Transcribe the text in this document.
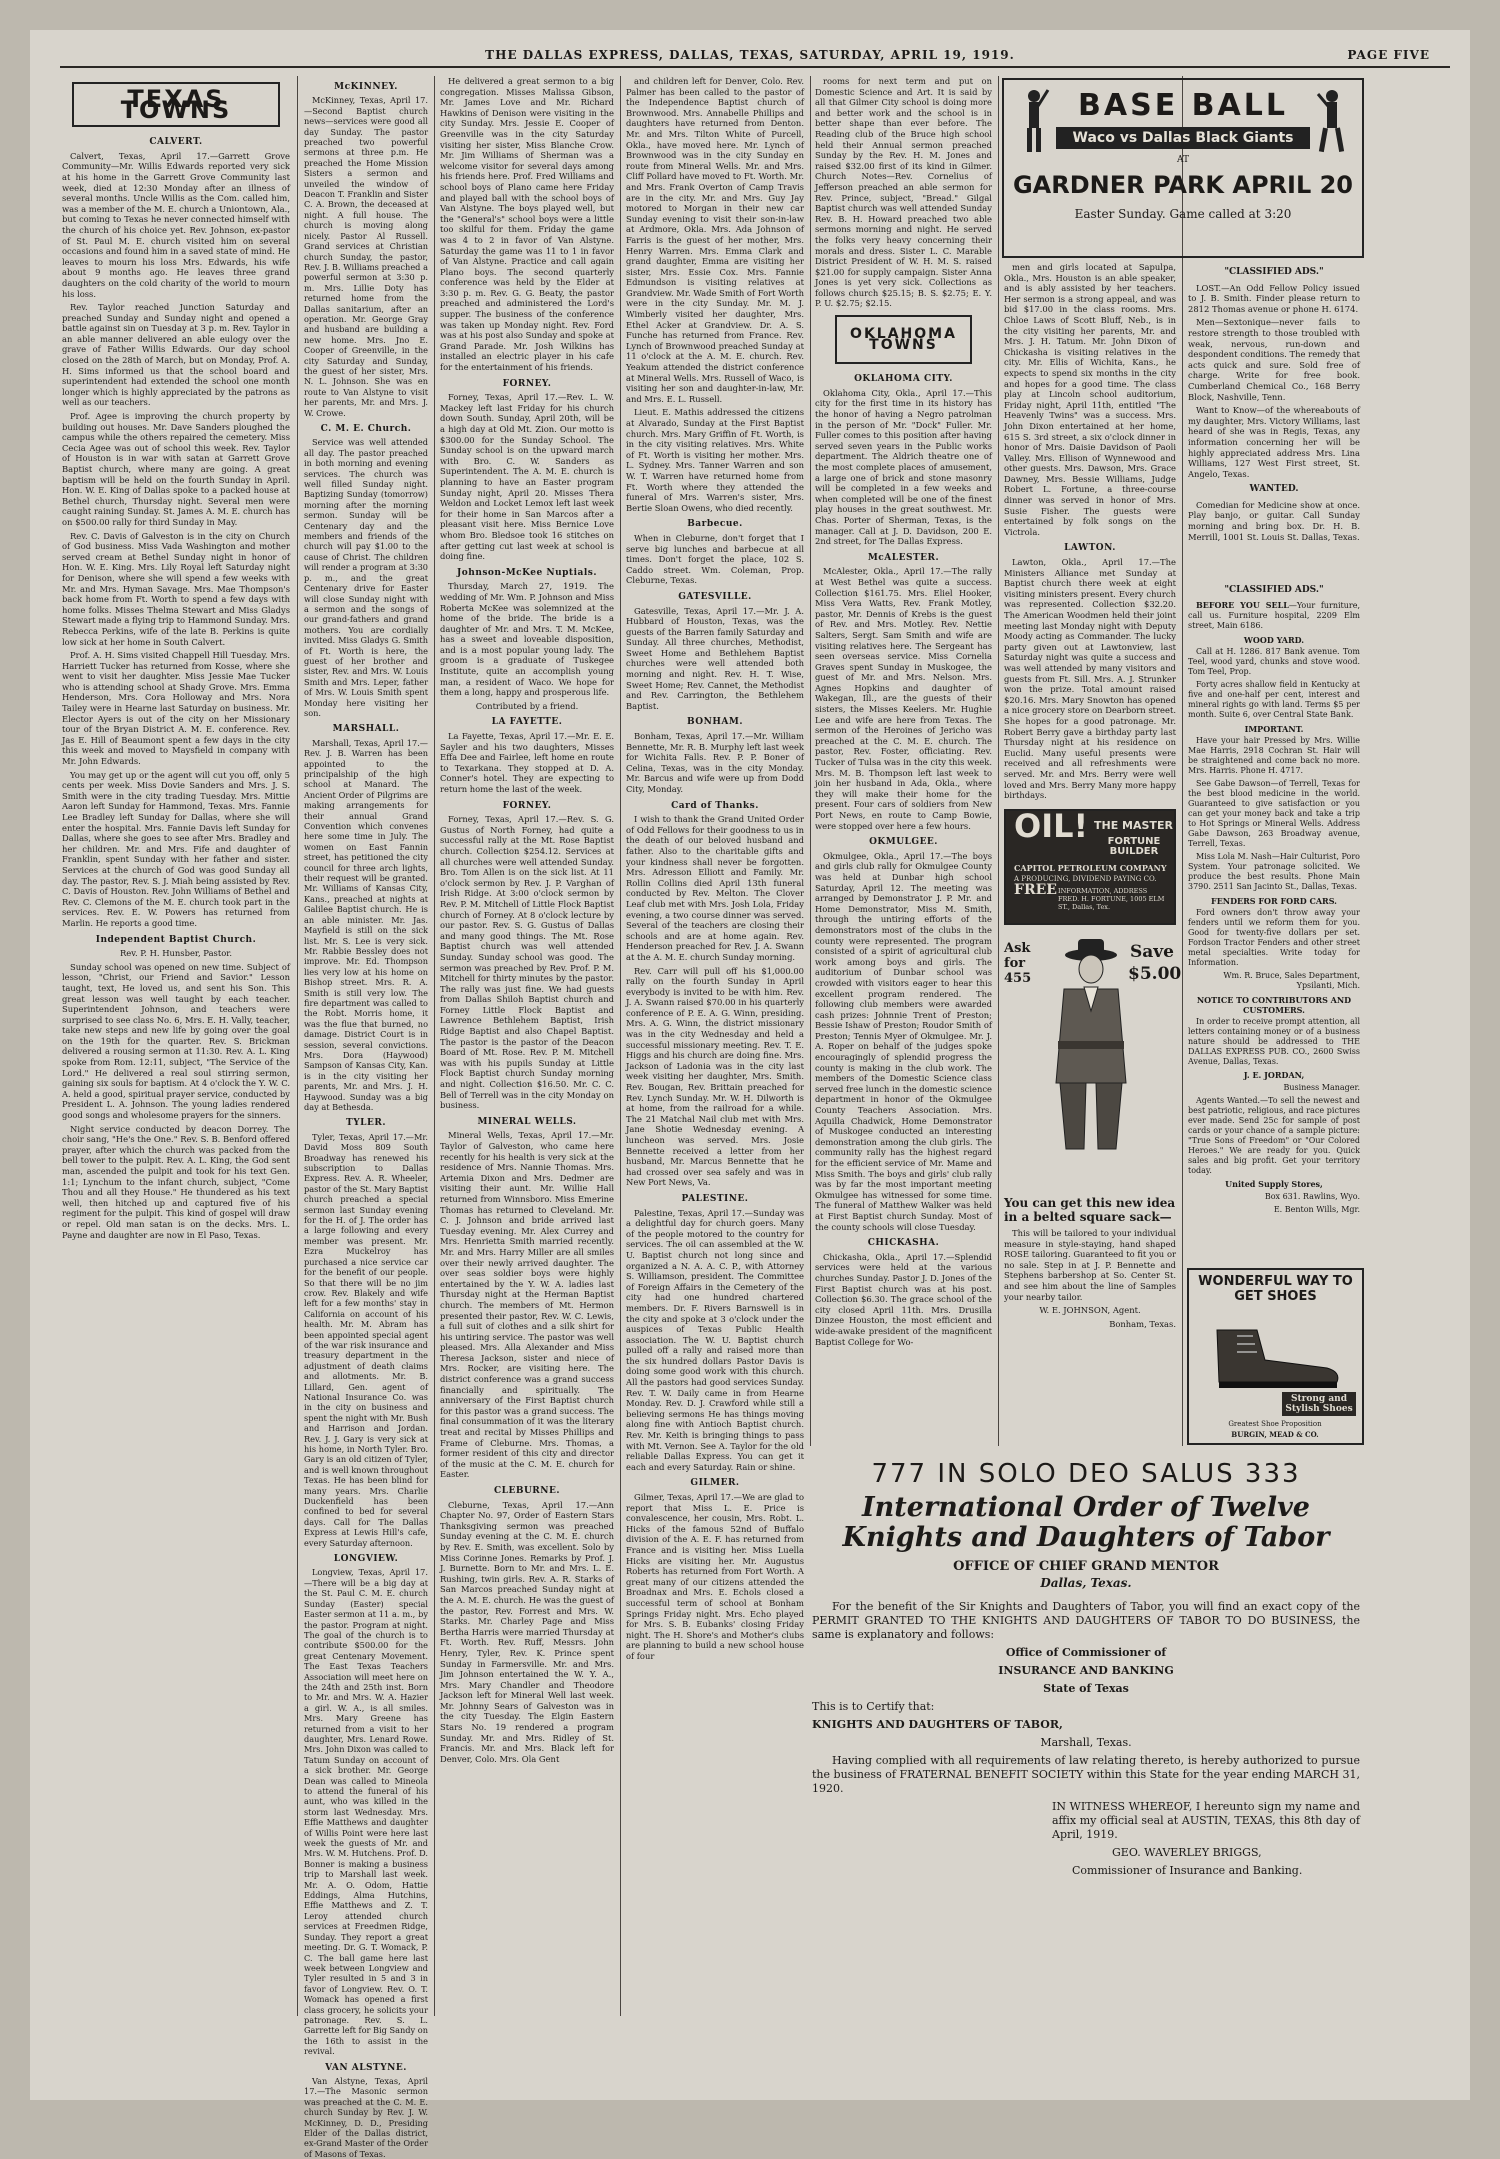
THE DALLAS EXPRESS, DALLAS, TEXAS, SATURDAY, APRIL 19, 1919.	PAGE FIVE
TEXAS TOWNS
CALVERT.

Calvert, Texas, April 17.—Garrett Grove Community—Mr. Willis Edwards reported very sick at his home in the Garrett Grove Community last week, died at 12:30 Monday after an illness of several months. Uncle Willis as the Com. called him, was a member of the M. E. church a Uniontown, Ala., but coming to Texas he never connected himself with the church of his choice yet. Rev. Johnson, ex-pastor of St. Paul M. E. church visited him on several occasions and found him in a saved state of mind. He leaves to mourn his loss Mrs. Edwards, his wife about 9 months ago. He leaves three grand daughters on the cold charity of the world to mourn his loss.

Rev. Taylor reached Junction Saturday and preached Sunday and Sunday night and opened a battle against sin on Tuesday at 3 p. m. Rev. Taylor in an able manner delivered an able eulogy over the grave of Father Willis Edwards. Our day school closed on the 28th of March, but on Monday, Prof. A. H. Sims informed us that the school board and superintendent had extended the school one month longer which is highly appreciated by the patrons as well as our teachers.

Prof. Agee is improving the church property by building out houses. Mr. Dave Sanders ploughed the campus while the others repaired the cemetery. Miss Cecia Agee was out of school this week. Rev. Taylor of Houston is in war with satan at Garrett Grove Baptist church, where many are going. A great baptism will be held on the fourth Sunday in April. Hon. W. E. King of Dallas spoke to a packed house at Bethel church, Thursday night. Several men were caught raining Sunday. St. James A. M. E. church has on $500.00 rally for third Sunday in May.

Rev. C. Davis of Galveston is in the city on Church of God business. Miss Vada Washington and mother served cream at Bethel Sunday night in honor of Hon. W. E. King. Mrs. Lily Royal left Saturday night for Denison, where she will spend a few weeks with Mr. and Mrs. Hyman Savage. Mrs. Mae Thompson's back home from Ft. Worth to spend a few days with home folks. Misses Thelma Stewart and Miss Gladys Stewart made a flying trip to Hammond Sunday. Mrs. Rebecca Perkins, wife of the late B. Perkins is quite low sick at her home in South Calvert.

Prof. A. H. Sims visited Chappell Hill Tuesday. Mrs. Harriett Tucker has returned from Kosse, where she went to visit her daughter. Miss Jessie Mae Tucker who is attending school at Shady Grove. Mrs. Emma Henderson, Mrs. Cora Holloway and Mrs. Nora Tailey were in Hearne last Saturday on business. Mr. Elector Ayers is out of the city on her Missionary tour of the Bryan District A. M. E. conference. Rev. Jas E. Hill of Beaumont spent a few days in the city this week and moved to Maysfield in company with Mr. John Edwards.

You may get up or the agent will cut you off, only 5 cents per week. Miss Dovie Sanders and Mrs. J. S. Smith were in the city trading Tuesday. Mrs. Mittie Aaron left Sunday for Hammond, Texas. Mrs. Fannie Lee Bradley left Sunday for Dallas, where she will enter the hospital. Mrs. Fannie Davis left Sunday for Dallas, where she goes to see after Mrs. Bradley and her children. Mr. and Mrs. Fife and daughter of Franklin, spent Sunday with her father and sister. Services at the church of God was good Sunday all day. The pastor, Rev. S. J. Miah being assisted by Rev. C. Davis of Houston. Rev. John Williams of Bethel and Rev. C. Clemons of the M. E. church took part in the services. Rev. E. W. Powers has returned from Marlin. He reports a good time.

Independent Baptist Church.

Rev. P. H. Hunsber, Pastor.

Sunday school was opened on new time. Subject of lesson, "Christ, our Friend and Savior." Lesson taught, text, He loved us, and sent his Son. This great lesson was well taught by each teacher. Superintendent Johnson, and teachers were surprised to see class No. 6, Mrs. E. H. Vally, teacher, take new steps and new life by going over the goal on the 19th for the quarter. Rev. S. Brickman delivered a rousing sermon at 11:30. Rev. A. L. King spoke from Rom. 12:11, subject, "The Service of the Lord." He delivered a real soul stirring sermon, gaining six souls for baptism. At 4 o'clock the Y. W. C. A. held a good, spiritual prayer service, conducted by President L. A. Johnson. The young ladies rendered good songs and wholesome prayers for the sinners.

Night service conducted by deacon Dorrey. The choir sang, "He's the One." Rev. S. B. Benford offered prayer, after which the church was packed from the bell tower to the pulpit. Rev. A. L. King, the God sent man, ascended the pulpit and took for his text Gen. 1:1; Lynchum to the infant church, subject, "Come Thou and all they House." He thundered as his text well, then hitched up and captured five of his regiment for the pulpit. This kind of gospel will draw or repel. Old man satan is on the decks. Mrs. L. Payne and daughter are now in El Paso, Texas.

McKINNEY.

McKinney, Texas, April 17.—Second Baptist church news—services were good all day Sunday. The pastor preached two powerful sermons at three p.m. He preached the Home Mission Sisters a sermon and unveiled the window of Deacon T. Franklin and Sister C. A. Brown, the deceased at night. A full house. The church is moving along nicely. Pastor Al Russell. Grand services at Christian church Sunday, the pastor, Rev. J. B. Williams preached a powerful sermon at 3:30 p. m. Mrs. Lillie Doty has returned home from the Dallas sanitarium, after an operation. Mr. George Gray and husband are building a new home. Mrs. Jno E. Cooper of Greenville, in the city Saturday and Sunday, the guest of her sister, Mrs. N. L. Johnson. She was en route to Van Alstyne to visit her parents, Mr. and Mrs. J. W. Crowe.

C. M. E. Church.

Service was well attended all day. The pastor preached in both morning and evening services. The church was well filled Sunday night. Baptizing Sunday (tomorrow) morning after the morning sermon. Sunday will be Centenary day and the members and friends of the church will pay $1.00 to the cause of Christ. The children will render a program at 3:30 p. m., and the great Centenary drive for Easter will close Sunday night with a sermon and the songs of our grand-fathers and grand mothers. You are cordially invited. Miss Gladys G. Smith of Ft. Worth is here, the guest of her brother and sister, Rev. and Mrs. W. Louis Smith and Mrs. Leper, father of Mrs. W. Louis Smith spent Monday here visiting her son.

MARSHALL.

Marshall, Texas, April 17.—Rev. J. B. Warren has been appointed to the principalship of the high school at Manard. The Ancient Order of Pilgrims are making arrangements for their annual Grand Convention which convenes here some time in July. The women on East Fannin street, has petitioned the city council for three arch lights, their request will be granted. Mr. Williams of Kansas City, Kans., preached at nights at Galilee Baptist church. He is an able minister. Mr. Jas. Mayfield is still on the sick list. Mr. S. Lee is very sick. Mr. Rabbie Bessley does not improve. Mr. Ed. Thompson lies very low at his home on Bishop street. Mrs. R. A. Smith is still very low. The fire department was called to the Robt. Morris home, it was the flue that burned, no damage. District Court is in session, several convictions. Mrs. Dora (Haywood) Sampson of Kansas City, Kan. is in the city visiting her parents, Mr. and Mrs. J. H. Haywood. Sunday was a big day at Bethesda.

TYLER.

Tyler, Texas, April 17.—Mr. David Moss 809 South Broadway has renewed his subscription to Dallas Express. Rev. A. R. Wheeler, pastor of the St. Mary Baptist church preached a special sermon last Sunday evening for the H. of J. The order has a large following and every member was present. Mr. Ezra Muckelroy has purchased a nice service car for the benefit of our people. So that there will be no jim crow. Rev. Blakely and wife left for a few months' stay in California on account of his health. Mr. M. Abram has been appointed special agent of the war risk insurance and treasury department in the adjustment of death claims and allotments. Mr. B. Lillard, Gen. agent of National Insurance Co. was in the city on business and spent the night with Mr. Bush and Harrison and Jordan. Rev. J. J. Gary is very sick at his home, in North Tyler. Bro. Gary is an old citizen of Tyler, and is well known throughout Texas. He has been blind for many years. Mrs. Charlie Duckenfield has been confined to bed for several days. Call for The Dallas Express at Lewis Hill's cafe, every Saturday afternoon.

LONGVIEW.

Longview, Texas, April 17.—There will be a big day at the St. Paul C. M. E. church Sunday (Easter) special Easter sermon at 11 a. m., by the pastor. Program at night. The goal of the church is to contribute $500.00 for the great Centenary Movement. The East Texas Teachers Association will meet here on the 24th and 25th inst. Born to Mr. and Mrs. W. A. Hazier a girl. W. A., is all smiles. Mrs. Mary Greene has returned from a visit to her daughter, Mrs. Lenard Rowe. Mrs. John Dixon was called to Tatum Sunday on account of a sick brother. Mr. George Dean was called to Mineola to attend the funeral of his aunt, who was killed in the storm last Wednesday. Mrs. Effie Matthews and daughter of Willis Point were here last week the guests of Mr. and Mrs. W. M. Hutchens. Prof. D. Bonner is making a business trip to Marshall last week. Mr. A. O. Odom, Hattie Eddings, Alma Hutchins, Effie Matthews and Z. T. Leroy attended church services at Freedmen Ridge, Sunday. They report a great meeting. Dr. G. T. Womack, P. C. The ball game here last week between Longview and Tyler resulted in 5 and 3 in favor of Longview. Rev. O. T. Womack has opened a first class grocery, he solicits your patronage. Rev. S. L. Garrette left for Big Sandy on the 16th to assist in the revival.

VAN ALSTYNE.

Van Alstyne, Texas, April 17.—The Masonic sermon was preached at the C. M. E. church Sunday by Rev. J. W. McKinney, D. D., Presiding Elder of the Dallas district, ex-Grand Master of the Order of Masons of Texas.

He delivered a great sermon to a big congregation. Misses Malissa Gibson, Mr. James Love and Mr. Richard Hawkins of Denison were visiting in the city Sunday. Mrs. Jessie E. Cooper of Greenville was in the city Saturday visiting her sister, Miss Blanche Crow. Mr. Jim Williams of Sherman was a welcome visitor for several days among his friends here. Prof. Fred Williams and school boys of Plano came here Friday and played ball with the school boys of Van Alstyne. The boys played well, but the "General's" school boys were a little too skilful for them. Friday the game was 4 to 2 in favor of Van Alstyne. Saturday the game was 11 to 1 in favor of Van Alstyne. Practice and call again Plano boys. The second quarterly conference was held by the Elder at 3:30 p. m. Rev. G. G. Beaty, the pastor preached and administered the Lord's supper. The business of the conference was taken up Monday night. Rev. Ford was at his post also Sunday and spoke at Grand Parade. Mr. Josh Wilkins has installed an electric player in his cafe for the entertainment of his friends.

FORNEY.

Forney, Texas, April 17.—Rev. L. W. Mackey left last Friday for his church down South. Sunday, April 20th, will be a high day at Old Mt. Zion. Our motto is $300.00 for the Sunday School. The Sunday school is on the upward march with Bro. C. W. Sanders as Superintendent. The A. M. E. church is planning to have an Easter program Sunday night, April 20. Misses Thera Weldon and Locket Lemox left last week for their home in San Marcos after a pleasant visit here. Miss Bernice Love whom Bro. Bledsoe took 16 stitches on after getting cut last week at school is doing fine.

Johnson-McKee Nuptials.

Thursday, March 27, 1919. The wedding of Mr. Wm. P. Johnson and Miss Roberta McKee was solemnized at the home of the bride. The bride is a daughter of Mr. and Mrs. T. M. McKee, has a sweet and loveable disposition, and is a most popular young lady. The groom is a graduate of Tuskegee Institute, quite an accomplish young man, a resident of Waco. We hope for them a long, happy and prosperous life.

Contributed by a friend.

LA FAYETTE.

La Fayette, Texas, April 17.—Mr. E. E. Sayler and his two daughters, Misses Effa Dee and Fairlee, left home en route to Texarkana. They stopped at D. A. Conner's hotel. They are expecting to return home the last of the week.

FORNEY.

Forney, Texas, April 17.—Rev. S. G. Gustus of North Forney, had quite a successful rally at the Mt. Rose Baptist church. Collection $254.12. Services at all churches were well attended Sunday. Bro. Tom Allen is on the sick list. At 11 o'clock sermon by Rev. J. P. Varghan of Irish Ridge. At 3:00 o'clock sermon by Rev. P. M. Mitchell of Little Flock Baptist church of Forney. At 8 o'clock lecture by our pastor. Rev. S. G. Gustus of Dallas and many good things. The Mt. Rose Baptist church was well attended Sunday. Sunday school was good. The sermon was preached by Rev. Prof. P. M. Mitchell for thirty minutes by the pastor. The rally was just fine. We had guests from Dallas Shiloh Baptist church and Forney Little Flock Baptist and Lawrence Bethlehem Baptist, Irish Ridge Baptist and also Chapel Baptist. The pastor is the pastor of the Deacon Board of Mt. Rose. Rev. P. M. Mitchell was with his pupils Sunday at Little Flock Baptist church Sunday morning and night. Collection $16.50. Mr. C. C. Bell of Terrell was in the city Monday on business.

MINERAL WELLS.

Mineral Wells, Texas, April 17.—Mr. Taylor of Galveston, who came here recently for his health is very sick at the residence of Mrs. Nannie Thomas. Mrs. Artemia Dixon and Mrs. Dedmer are visiting their aunt. Mr. Willie Hall returned from Winnsboro. Miss Emerine Thomas has returned to Cleveland. Mr. C. J. Johnson and bride arrived last Tuesday evening. Mr. Alex Currey and Mrs. Henrietta Smith married recently. Mr. and Mrs. Harry Miller are all smiles over their newly arrived daughter. The over seas soldier boys were highly entertained by the Y. W. A. ladies last Thursday night at the Herman Baptist church. The members of Mt. Hermon presented their pastor, Rev. W. C. Lewis, a full suit of clothes and a silk shirt for his untiring service. The pastor was well pleased. Mrs. Alla Alexander and Miss Theresa Jackson, sister and niece of Mrs. Rocker, are visiting here. The district conference was a grand success financially and spiritually. The anniversary of the First Baptist church for this pastor was a grand success. The final consummation of it was the literary treat and recital by Misses Phillips and Frame of Cleburne. Mrs. Thomas, a former resident of this city and director of the music at the C. M. E. church for Easter.

CLEBURNE.

Cleburne, Texas, April 17.—Ann Chapter No. 97, Order of Eastern Stars Thanksgiving sermon was preached Sunday evening at the C. M. E. church by Rev. E. Smith, was excellent. Solo by Miss Corinne Jones. Remarks by Prof. J. J. Burnette. Born to Mr. and Mrs. L. E. Rushing, twin girls. Rev. A. R. Starks of San Marcos preached Sunday night at the A. M. E. church. He was the guest of the pastor, Rev. Forrest and Mrs. W. Starks. Mr. Charley Page and Miss Bertha Harris were married Thursday at Ft. Worth. Rev. Ruff, Messrs. John Henry, Tyler, Rev. K. Prince spent Sunday in Farmersville. Mr. and Mrs. Jim Johnson entertained the W. Y. A., Mrs. Mary Chandler and Theodore Jackson left for Mineral Well last week. Mr. Johnny Sears of Galveston was in the city Tuesday. The Elgin Eastern Stars No. 19 rendered a program Sunday. Mr. and Mrs. Ridley of St. Francis. Mr. and Mrs. Black left for Denver, Colo. Mrs. Ola Gent

and children left for Denver, Colo. Rev. Palmer has been called to the pastor of the Independence Baptist church of Brownwood. Mrs. Annabelle Phillips and daughters have returned from Denton. Mr. and Mrs. Tilton White of Purcell, Okla., have moved here. Mr. Lynch of Brownwood was in the city Sunday en route from Mineral Wells. Mr. and Mrs. Cliff Pollard have moved to Ft. Worth. Mr. and Mrs. Frank Overton of Camp Travis are in the city. Mr. and Mrs. Guy Jay motored to Morgan in their new car Sunday evening to visit their son-in-law at Ardmore, Okla. Mrs. Ada Johnson of Farris is the guest of her mother, Mrs. Henry Warren. Mrs. Emma Clark and grand daughter, Emma are visiting her sister, Mrs. Essie Cox. Mrs. Fannie Edmundson is visiting relatives at Grandview. Mr. Wade Smith of Fort Worth were in the city Sunday. Mr. M. J. Wimberly visited her daughter, Mrs. Ethel Acker at Grandview. Dr. A. S. Funche has returned from France. Rev. Lynch of Brownwood preached Sunday at 11 o'clock at the A. M. E. church. Rev. Yeakum attended the district conference at Mineral Wells. Mrs. Russell of Waco, is visiting her son and daughter-in-law, Mr. and Mrs. E. L. Russell.

Lieut. E. Mathis addressed the citizens at Alvarado, Sunday at the First Baptist church. Mrs. Mary Griffin of Ft. Worth, is in the city visiting relatives. Mrs. White of Ft. Worth is visiting her mother. Mrs. L. Sydney. Mrs. Tanner Warren and son W. T. Warren have returned home from Ft. Worth where they attended the funeral of Mrs. Warren's sister, Mrs. Bertie Sloan Owens, who died recently.

Barbecue.

When in Cleburne, don't forget that I serve big lunches and barbecue at all times. Don't forget the place, 102 S. Caddo street. Wm. Coleman, Prop. Cleburne, Texas.

GATESVILLE.

Gatesville, Texas, April 17.—Mr. J. A. Hubbard of Houston, Texas, was the guests of the Barren family Saturday and Sunday. All three churches, Methodist, Sweet Home and Bethlehem Baptist churches were well attended both morning and night. Rev. H. T. Wise, Sweet Home; Rev. Cannet, the Methodist and Rev. Carrington, the Bethlehem Baptist.

BONHAM.

Bonham, Texas, April 17.—Mr. William Bennette, Mr. R. B. Murphy left last week for Wichita Falls. Rev. P. P. Boner of Celina, Texas, was in the city Monday. Mr. Barcus and wife were up from Dodd City, Monday.

Card of Thanks.

I wish to thank the Grand United Order of Odd Fellows for their goodness to us in the death of our beloved husband and father. Also to the charitable gifts and your kindness shall never be forgotten. Mrs. Adresson Elliott and Family. Mr. Rollin Collins died April 13th funeral conducted by Rev. Melton. The Clover Leaf club met with Mrs. Josh Lola, Friday evening, a two course dinner was served. Several of the teachers are closing their schools and are at home again. Rev. Henderson preached for Rev. J. A. Swann at the A. M. E. church Sunday morning.

Rev. Carr will pull off his $1,000.00 rally on the fourth Sunday in April everybody is invited to be with him. Rev. J. A. Swann raised $70.00 in his quarterly conference of P. E. A. G. Winn, presiding. Mrs. A. G. Winn, the district missionary was in the city Wednesday and held a successful missionary meeting. Rev. T. E. Higgs and his church are doing fine. Mrs. Jackson of Ladonia was in the city last week visiting her daughter, Mrs. Smith. Rev. Bougan, Rev. Brittain preached for Rev. Lynch Sunday. Mr. W. H. Dilworth is at home, from the railroad for a while. The 21 Matchal Nail club met with Mrs. Jane Shotie Wednesday evening. A luncheon was served. Mrs. Josie Bennette received a letter from her husband, Mr. Marcus Bennette that he had crossed over sea safely and was in New Port News, Va.

PALESTINE.

Palestine, Texas, April 17.—Sunday was a delightful day for church goers. Many of the people motored to the country for services. The oil can assembled at the W. U. Baptist church not long since and organized a N. A. A. C. P., with Attorney S. Williamson, president. The Committee of Foreign Affairs in the Cemetery of the city had one hundred chartered members. Dr. F. Rivers Barnswell is in the city and spoke at 3 o'clock under the auspices of Texas Public Health association. The W. U. Baptist church pulled off a rally and raised more than the six hundred dollars Pastor Davis is doing some good work with this church. All the pastors had good services Sunday. Rev. T. W. Daily came in from Hearne Monday. Rev. D. J. Crawford while still a believing sermons He has things moving along fine with Antioch Baptist church. Rev. Mr. Keith is bringing things to pass with Mt. Vernon. See A. Taylor for the old reliable Dallas Express. You can get it each and every Saturday. Rain or shine.

GILMER.

Gilmer, Texas, April 17.—We are glad to report that Miss L. E. Price is convalescence, her cousin, Mrs. Robt. L. Hicks of the famous 52nd of Buffalo division of the A. E. F. has returned from France and is visiting her. Miss Luella Hicks are visiting her. Mr. Augustus Roberts has returned from Fort Worth. A great many of our citizens attended the Broadnax and Mrs. E. Echols closed a successful term of school at Bonham Springs Friday night. Mrs. Echo played for Mrs. S. B. Eubanks' closing Friday night. The H. Shore's and Mother's clubs are planning to build a new school house of four

rooms for next term and put on Domestic Science and Art. It is said by all that Gilmer City school is doing more and better work and the school is in better shape than ever before. The Reading club of the Bruce high school held their Annual sermon preached Sunday by the Rev. H. M. Jones and raised $32.00 first of its kind in Gilmer. Church Notes—Rev. Cornelius of Jefferson preached an able sermon for Rev. Prince, subject, "Bread." Gilgal Baptist church was well attended Sunday Rev. B. H. Howard preached two able sermons morning and night. He served the folks very heavy concerning their morals and dress. Sister L. C. Marable District President of W. H. M. S. raised $21.00 for supply campaign. Sister Anna Jones is yet very sick. Collections as follows church $25.15; B. S. $2.75; E. Y. P. U. $2.75; $2.15.

OKLAHOMA TOWNS
OKLAHOMA CITY.

Oklahoma City, Okla., April 17.—This city for the first time in its history has the honor of having a Negro patrolman in the person of Mr. "Dock" Fuller. Mr. Fuller comes to this position after having served seven years in the Public works department. The Aldrich theatre one of the most complete places of amusement, a large one of brick and stone masonry will be completed in a few weeks and when completed will be one of the finest play houses in the great southwest. Mr. Chas. Porter of Sherman, Texas, is the manager. Call at J. D. Davidson, 200 E. 2nd street, for The Dallas Express.

McALESTER.

McAlester, Okla., April 17.—The rally at West Bethel was quite a success. Collection $161.75. Mrs. Eliel Hooker, Miss Vera Watts, Rev. Frank Motley, pastor, Mr. Dennis of Krebs is the guest of Rev. and Mrs. Motley. Rev. Nettie Salters, Sergt. Sam Smith and wife are visiting relatives here. The Sergeant has seen overseas service. Miss Cornelia Graves spent Sunday in Muskogee, the guest of Mr. and Mrs. Nelson. Mrs. Agnes Hopkins and daughter of Wakegan, Ill., are the guests of their sisters, the Misses Keelers. Mr. Hughie Lee and wife are here from Texas. The sermon of the Heroines of Jericho was preached at the C. M. E. church. The pastor, Rev. Foster, officiating. Rev. Tucker of Tulsa was in the city this week. Mrs. M. B. Thompson left last week to join her husband in Ada, Okla., where they will make their home for the present. Four cars of soldiers from New Port News, en route to Camp Bowie, were stopped over here a few hours.

OKMULGEE.

Okmulgee, Okla., April 17.—The boys and girls club rally for Okmulgee County was held at Dunbar high school Saturday, April 12. The meeting was arranged by Demonstrator J. P. Mr. and Home Demonstrator, Miss M. Smith, through the untiring efforts of the demonstrators most of the clubs in the county were represented. The program consisted of a spirit of agricultural club work among boys and girls. The auditorium of Dunbar school was crowded with visitors eager to hear this excellent program rendered. The following club members were awarded cash prizes: Johnnie Trent of Preston; Bessie Ishaw of Preston; Roudor Smith of Preston; Tennis Myer of Okmulgee. Mr. J. A. Roper on behalf of the judges spoke encouragingly of splendid progress the county is making in the club work. The members of the Domestic Science class served free lunch in the domestic science department in honor of the Okmulgee County Teachers Association. Mrs. Aquilla Chadwick, Home Demonstrator of Muskogee conducted an interesting demonstration among the club girls. The community rally has the highest regard for the efficient service of Mr. Mame and Miss Smith. The boys and girls' club rally was by far the most important meeting Okmulgee has witnessed for some time. The funeral of Matthew Walker was held at First Baptist church Sunday. Most of the county schools will close Tuesday.

CHICKASHA.

Chickasha, Okla., April 17.—Splendid services were held at the various churches Sunday. Pastor J. D. Jones of the First Baptist church was at his post. Collection $6.30. The grace school of the city closed April 11th. Mrs. Drusilla Dinzee Houston, the most efficient and wide-awake president of the magnificent Baptist College for Wo-

BASE BALL
Waco vs Dallas Black Giants
AT
GARDNER PARK APRIL 20
Easter Sunday. Game called at 3:20

men and girls located at Sapulpa, Okla., Mrs. Houston is an able speaker, and is ably assisted by her teachers. Her sermon is a strong appeal, and was bid $17.00 in the class rooms. Mrs. Chloe Laws of Scott Bluff, Neb., is in the city visiting her parents, Mr. and Mrs. J. H. Tatum. Mr. John Dixon of Chickasha is visiting relatives in the city. Mr. Ellis of Wichita, Kans., he expects to spend six months in the city and hopes for a good time. The class play at Lincoln school auditorium, Friday night, April 11th, entitled "The Heavenly Twins" was a success. Mrs. John Dixon entertained at her home, 615 S. 3rd street, a six o'clock dinner in honor of Mrs. Daisie Davidson of Paoli Valley. Mrs. Ellison of Wynnewood and other guests. Mrs. Dawson, Mrs. Grace Dawney, Mrs. Bessie Williams, Judge Robert L. Fortune, a three-course dinner was served in honor of Mrs. Susie Fisher. The guests were entertained by folk songs on the Victrola.

LAWTON.

Lawton, Okla., April 17.—The Ministers Alliance met Sunday at Baptist church there week at eight visiting ministers present. Every church was represented. Collection $32.20. The American Woodmen held their joint meeting last Monday night with Deputy Moody acting as Commander. The lucky party given out at Lawtonview, last Saturday night was quite a success and was well attended by many visitors and guests from Ft. Sill. Mrs. A. J. Strunker won the prize. Total amount raised $20.16. Mrs. Mary Snowton has opened a nice grocery store on Dearborn street. She hopes for a good patronage. Mr. Robert Berry gave a birthday party last Thursday night at his residence on Euclid. Many useful presents were received and all refreshments were served. Mr. and Mrs. Berry were well loved and Mrs. Berry Many more happy birthdays.

OIL! THE MASTER
FORTUNE BUILDER
CAPITOL PETROLEUM COMPANY
A PRODUCING, DIVIDEND PAYING CO.
FREE INFORMATION, ADDRESS FRED. H. FORTUNE, 1005 ELM ST., Dallas, Tex.
Ask for 455
Save $5.00
You can get this new idea in a belted square sack—

This will be tailored to your individual measure in style-staying, hand shaped ROSE tailoring. Guaranteed to fit you or no sale. Step in at J. P. Bennette and Stephens barbershop at So. Center St. and see him about the line of Samples your nearby tailor.

W. E. JOHNSON, Agent.

Bonham, Texas.

WONDERFUL WAY TO GET SHOES
Strong and Stylish Shoes
Greatest Shoe Proposition
BURGIN, MEAD & CO.
"CLASSIFIED ADS."

LOST.—An Odd Fellow Policy issued to J. B. Smith. Finder please return to 2812 Thomas avenue or phone H. 6174.

Men—Sextonique—never fails to restore strength to those troubled with weak, nervous, run-down and despondent conditions. The remedy that acts quick and sure. Sold free of charge. Write for free book. Cumberland Chemical Co., 168 Berry Block, Nashville, Tenn.

Want to Know—of the whereabouts of my daughter, Mrs. Victory Williams, last heard of she was in Regis, Texas, any information concerning her will be highly appreciated address Mrs. Lina Williams, 127 West First street, St. Angelo, Texas.

WANTED.

Comedian for Medicine show at once. Play banjo, or guitar. Call Sunday morning and bring box. Dr. H. B. Merrill, 1001 St. Louis St. Dallas, Texas.

777 IN SOLO DEO SALUS 333
International Order of Twelve Knights and Daughters of Tabor
OFFICE OF CHIEF GRAND MENTOR
Dallas, Texas.

For the benefit of the Sir Knights and Daughters of Tabor, you will find an exact copy of the PERMIT GRANTED TO THE KNIGHTS AND DAUGHTERS OF TABOR TO DO BUSINESS, the same is explanatory and follows:

Office of Commissioner of

INSURANCE AND BANKING

State of Texas

This is to Certify that:

KNIGHTS AND DAUGHTERS OF TABOR,

Marshall, Texas.

Having complied with all requirements of law relating thereto, is hereby authorized to pursue the business of FRATERNAL BENEFIT SOCIETY within this State for the year ending MARCH 31, 1920.

IN WITNESS WHEREOF, I hereunto sign my name and affix my official seal at AUSTIN, TEXAS, this 8th day of April, 1919.

GEO. WAVERLEY BRIGGS,

Commissioner of Insurance and Banking.

"CLASSIFIED ADS."

BEFORE YOU SELL—Your furniture, call us. Furniture hospital, 2209 Elm street, Main 6186.

WOOD YARD.

Call at H. 1286. 817 Bank avenue. Tom Teel, wood yard, chunks and stove wood. Tom Teel, Prop.

Forty acres shallow field in Kentucky at five and one-half per cent, interest and mineral rights go with land. Terms $5 per month. Suite 6, over Central State Bank.

IMPORTANT.

Have your hair Pressed by Mrs. Willie Mae Harris, 2918 Cochran St. Hair will be straightened and come back no more. Mrs. Harris. Phone H. 4717.

See Gabe Dawson—of Terrell, Texas for the best blood medicine in the world. Guaranteed to give satisfaction or you can get your money back and take a trip to Hot Springs or Mineral Wells. Address Gabe Dawson, 263 Broadway avenue, Terrell, Texas.

Miss Lola M. Nash—Hair Culturist, Poro System. Your patronage solicited. We produce the best results. Phone Main 3790. 2511 San Jacinto St., Dallas, Texas.

FENDERS FOR FORD CARS.

Ford owners don't throw away your fenders until we reform them for you. Good for twenty-five dollars per set. Fordson Tractor Fenders and other street metal specialties. Write today for Information.

Wm. R. Bruce, Sales Department, Ypsilanti, Mich.

NOTICE TO CONTRIBUTORS AND CUSTOMERS.

In order to receive prompt attention, all letters containing money or of a business nature should be addressed to THE DALLAS EXPRESS PUB. CO., 2600 Swiss Avenue, Dallas, Texas.

J. E. JORDAN,

Business Manager.

Agents Wanted.—To sell the newest and best patriotic, religious, and race pictures ever made. Send 25c for sample of post cards or your chance of a sample picture: "True Sons of Freedom" or "Our Colored Heroes." We are ready for you. Quick sales and big profit. Get your territory today.

United Supply Stores,

Box 631. Rawlins, Wyo.

E. Benton Wills, Mgr.
